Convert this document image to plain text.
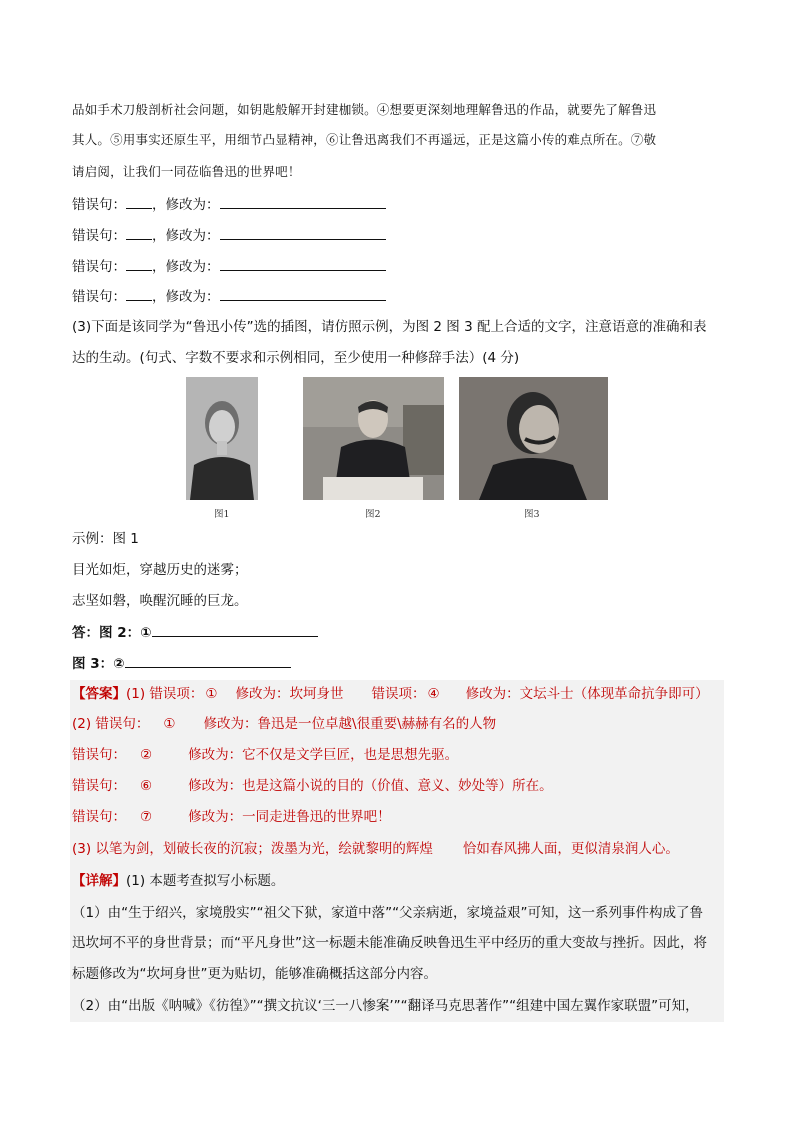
品如手术刀般剖析社会问题，如钥匙般解开封建枷锁。④想要更深刻地理解鲁迅的作品，就要先了解鲁迅
其人。⑤用事实还原生平，用细节凸显精神，⑥让鲁迅离我们不再遥远，正是这篇小传的难点所在。⑦敬
请启阅，让我们一同莅临鲁迅的世界吧！
错误句： ，修改为：
错误句： ，修改为：
错误句： ，修改为：
错误句： ，修改为：
(3)下面是该同学为“鲁迅小传”选的插图，请仿照示例，为图 2 图 3 配上合适的文字，注意语意的准确和表
达的生动。(句式、字数不要求和示例相同，至少使用一种修辞手法）(4 分)
图1	图2	图3
示例：图 1
目光如炬，穿越历史的迷雾；
志坚如磐，唤醒沉睡的巨龙。
答：图 2：①
图 3：②
【答案】(1) 错误项： ① 修改为：坎坷身世 错误项： ④ 修改为：文坛斗士（体现革命抗争即可）
(2) 错误句： ① 修改为：鲁迅是一位卓越\很重要\赫赫有名的人物
错误句： ②	修改为：它不仅是文学巨匠，也是思想先驱。
错误句： ⑥	修改为：也是这篇小说的目的（价值、意义、妙处等）所在。
错误句： ⑦	修改为：一同走进鲁迅的世界吧！
(3) 以笔为剑，划破长夜的沉寂；泼墨为光，绘就黎明的辉煌 恰如春风拂人面，更似清泉润人心。
【详解】(1) 本题考查拟写小标题。
（1）由“生于绍兴，家境殷实”“祖父下狱，家道中落”“父亲病逝，家境益艰”可知，这一系列事件构成了鲁
迅坎坷不平的身世背景；而“平凡身世”这一标题未能准确反映鲁迅生平中经历的重大变故与挫折。因此，将
标题修改为“坎坷身世”更为贴切，能够准确概括这部分内容。
（2）由“出版《呐喊》《彷徨》”“撰文抗议‘三一八惨案’”“翻译马克思著作”“组建中国左翼作家联盟”可知，
